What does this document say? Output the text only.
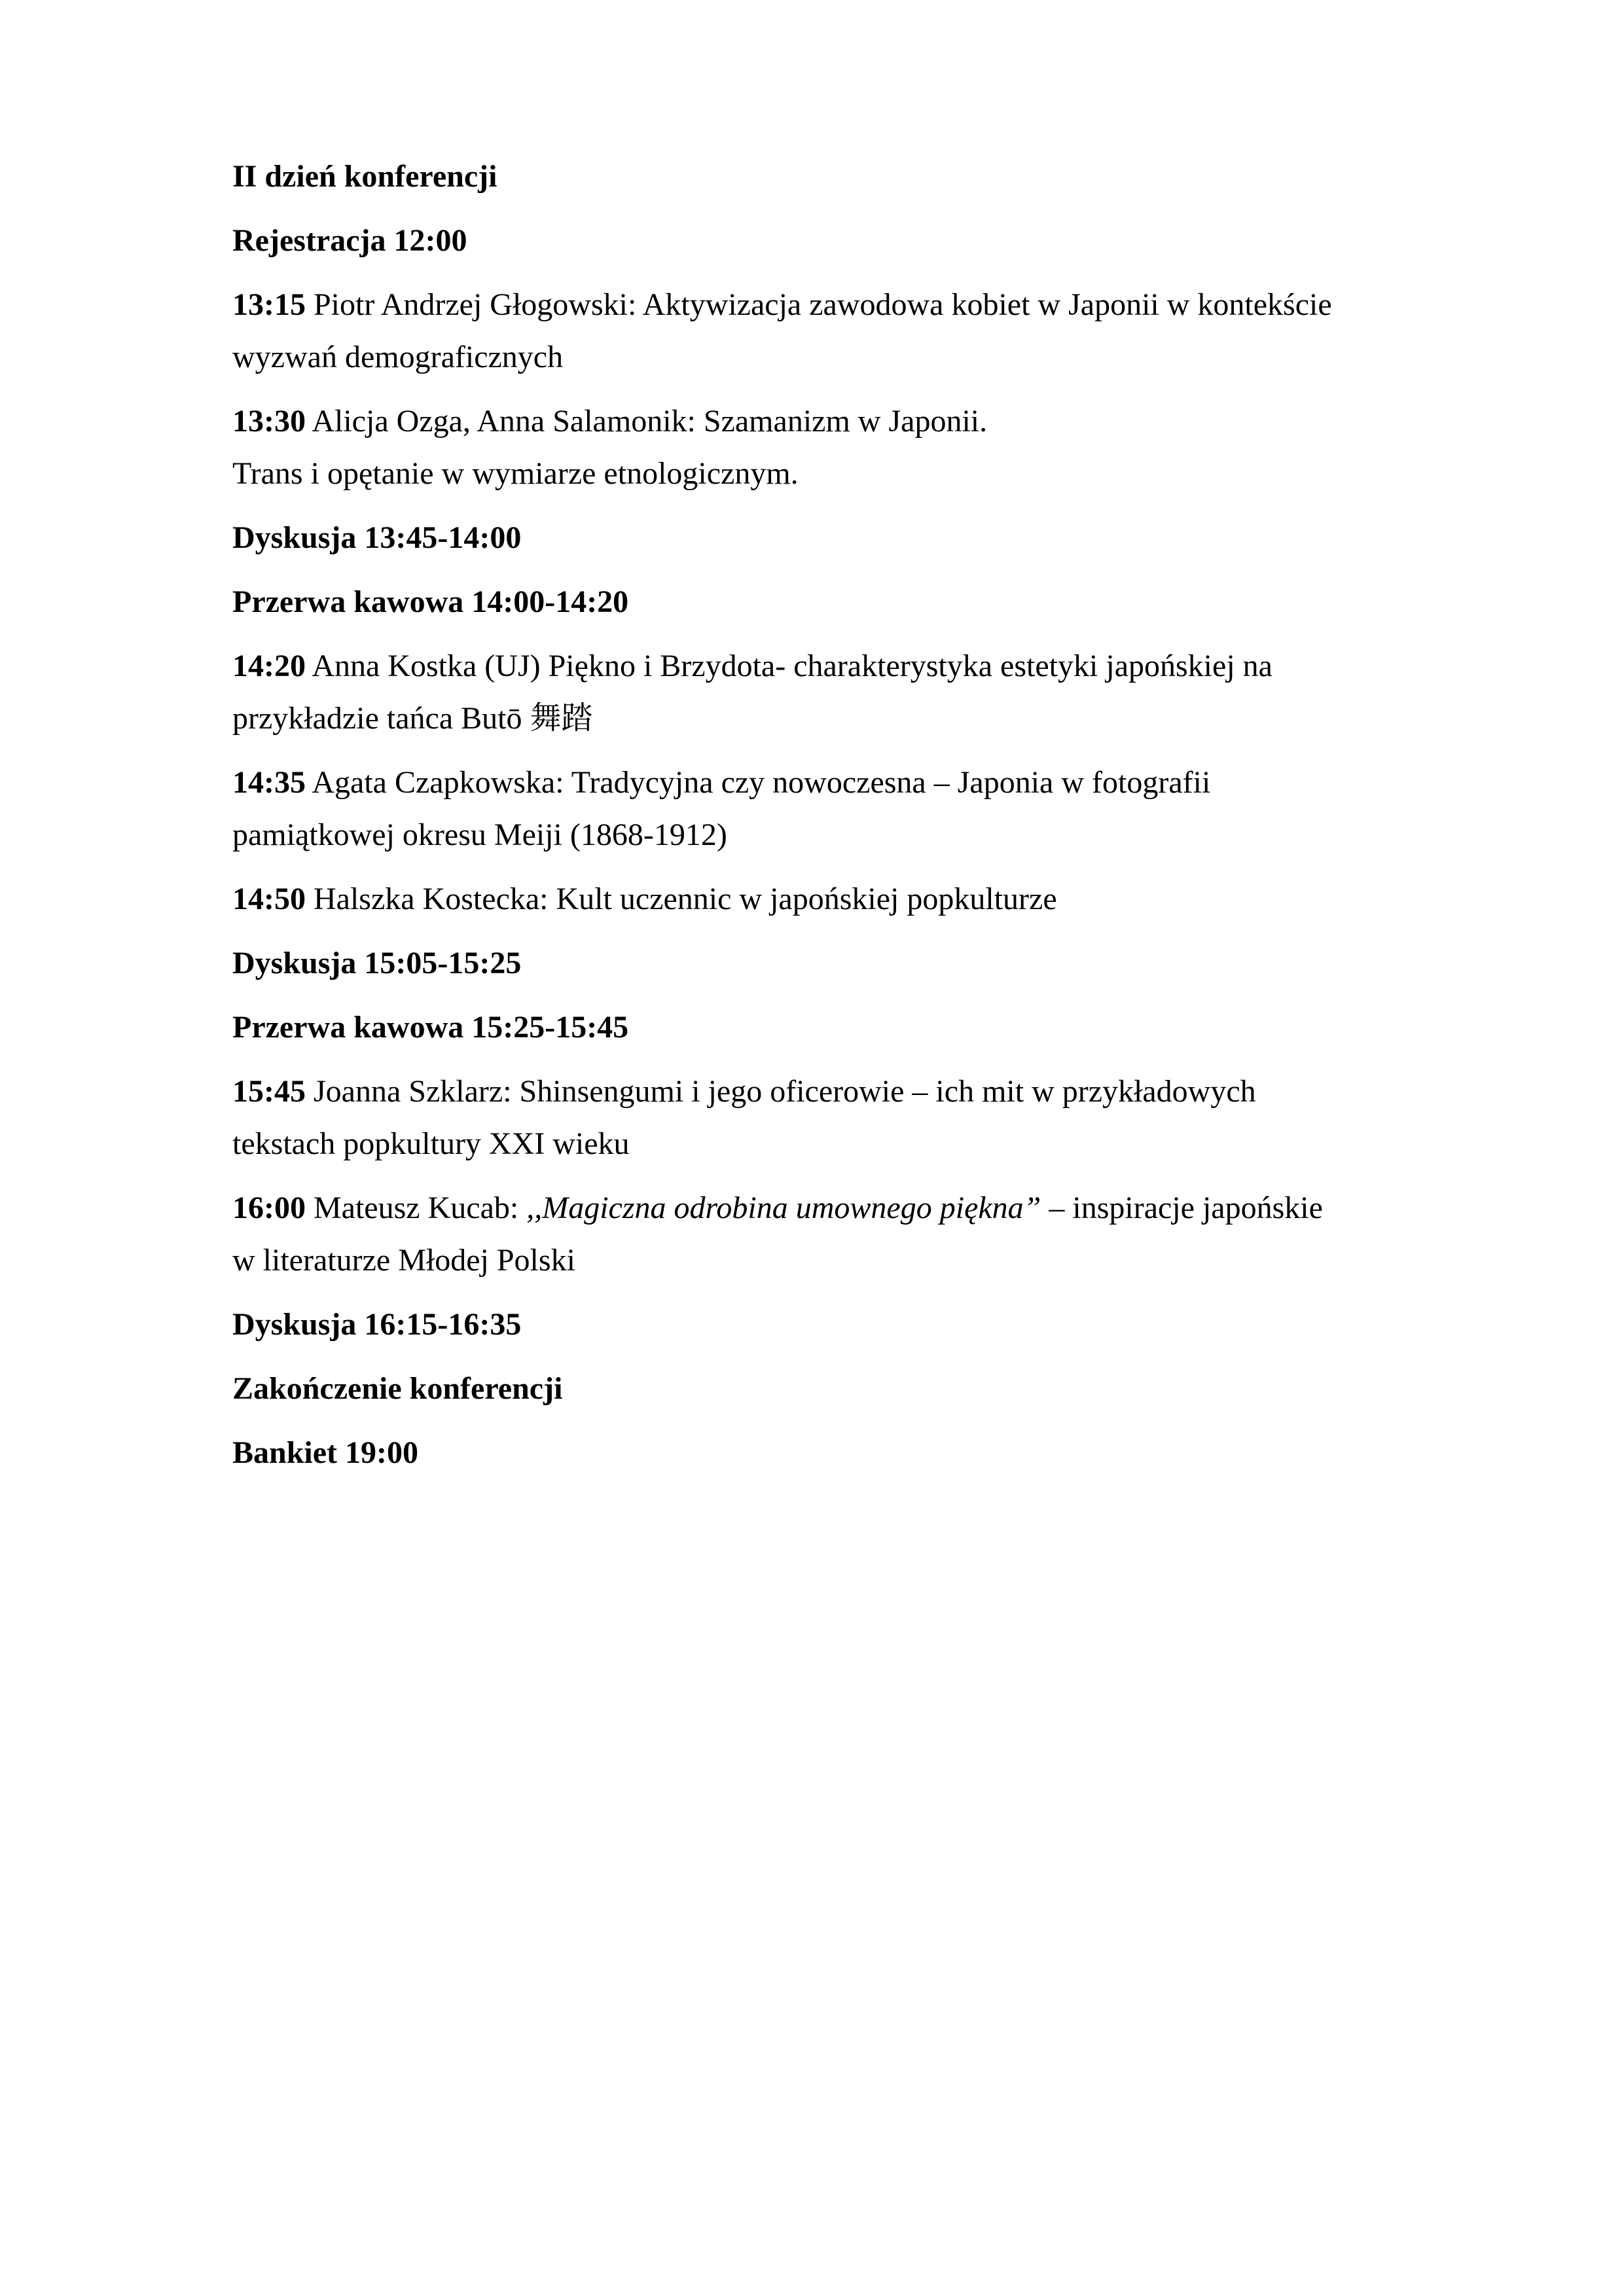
II dzień konferencji
Rejestracja 12:00
13:15 Piotr Andrzej Głogowski: Aktywizacja zawodowa kobiet w Japonii w kontekście
wyzwań demograficznych
13:30 Alicja Ozga, Anna Salamonik: Szamanizm w Japonii.
Trans i opętanie w wymiarze etnologicznym.
Dyskusja 13:45-14:00
Przerwa kawowa 14:00-14:20
14:20 Anna Kostka (UJ) Piękno i Brzydota- charakterystyka estetyki japońskiej na
przykładzie tańca Butō 舞踏
14:35 Agata Czapkowska: Tradycyjna czy nowoczesna – Japonia w fotografii
pamiątkowej okresu Meiji (1868-1912)
14:50 Halszka Kostecka: Kult uczennic w japońskiej popkulturze
Dyskusja 15:05-15:25
Przerwa kawowa 15:25-15:45
15:45 Joanna Szklarz: Shinsengumi i jego oficerowie – ich mit w przykładowych
tekstach popkultury XXI wieku
16:00 Mateusz Kucab: ,,Magiczna odrobina umownego piękna” – inspiracje japońskie
w literaturze Młodej Polski
Dyskusja 16:15-16:35
Zakończenie konferencji
Bankiet 19:00
